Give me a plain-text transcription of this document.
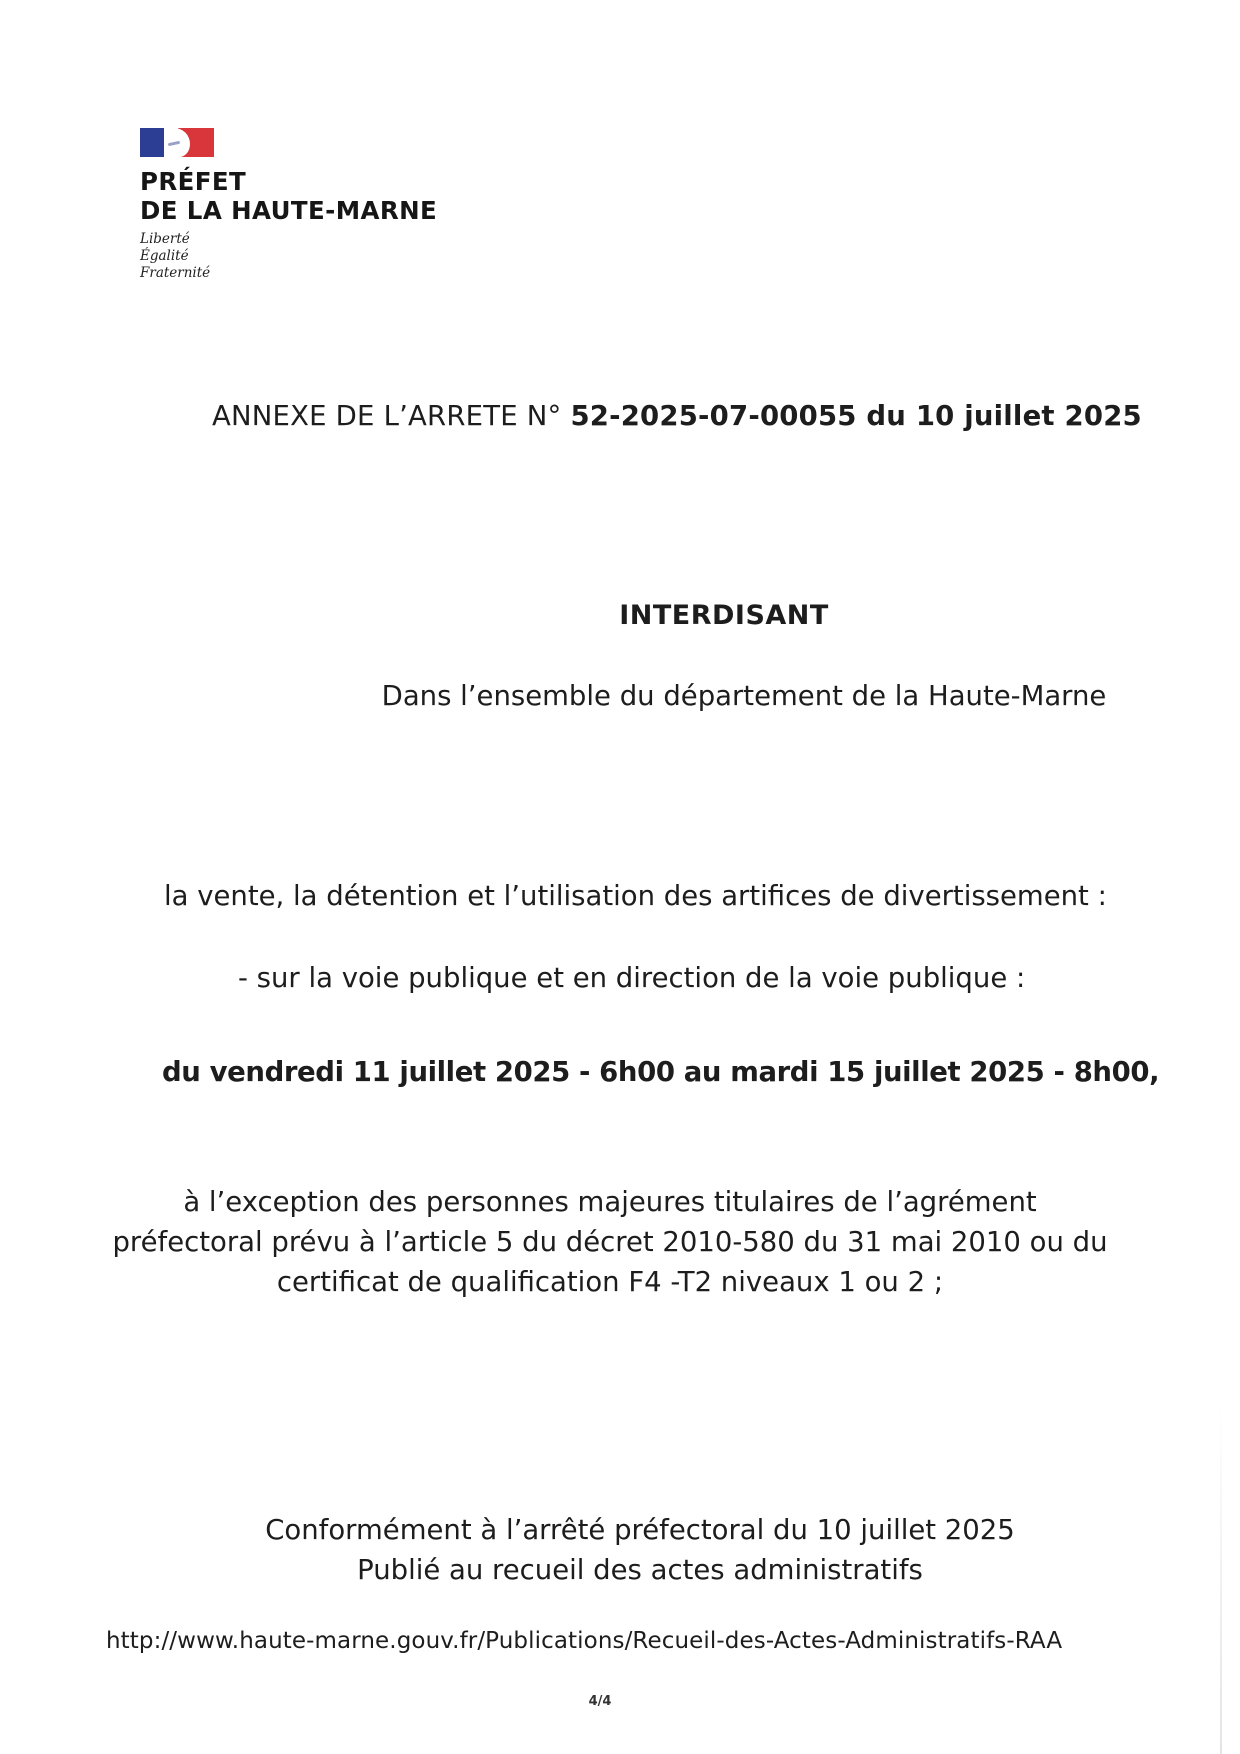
PRÉFET
DE LA HAUTE-MARNE
Liberté
Égalité
Fraternité
ANNEXE DE L’ARRETE N° 52-2025-07-00055 du 10 juillet 2025
INTERDISANT
Dans l’ensemble du département de la Haute-Marne
la vente, la détention et l’utilisation des artifices de divertissement :
- sur la voie publique et en direction de la voie publique :
du vendredi 11 juillet 2025 - 6h00 au mardi 15 juillet 2025 - 8h00,
à l’exception des personnes majeures titulaires de l’agrément
préfectoral prévu à l’article 5 du décret 2010-580 du 31 mai 2010 ou du
certificat de qualification F4 -T2 niveaux 1 ou 2 ;
Conformément à l’arrêté préfectoral du 10 juillet 2025
Publié au recueil des actes administratifs
http://www.haute-marne.gouv.fr/Publications/Recueil-des-Actes-Administratifs-RAA
4/4
